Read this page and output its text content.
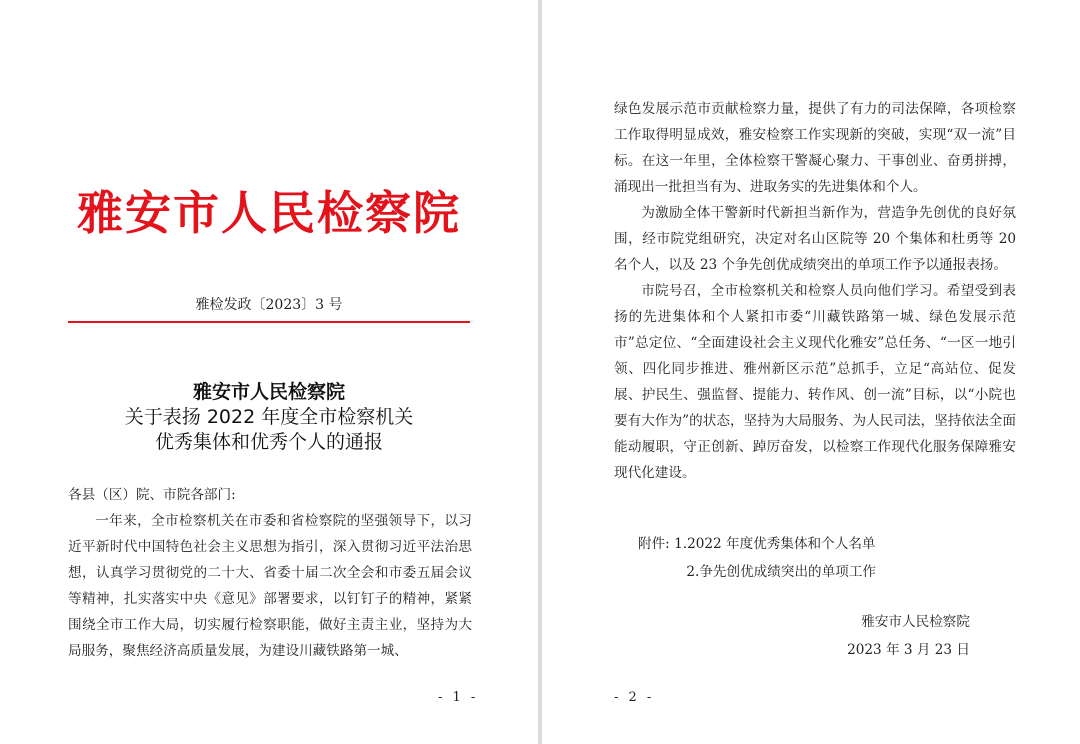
雅安市人民检察院
雅检发政〔2023〕3 号
雅安市人民检察院
关于表扬 2022 年度全市检察机关
优秀集体和优秀个人的通报

各县（区）院、市院各部门:

一年来，全市检察机关在市委和省检察院的坚强领导下，以习近平新时代中国特色社会主义思想为指引，深入贯彻习近平法治思想，认真学习贯彻党的二十大、省委十届二次全会和市委五届会议等精神，扎实落实中央《意见》部署要求，以钉钉子的精神，紧紧围绕全市工作大局，切实履行检察职能，做好主责主业，坚持为大局服务，聚焦经济高质量发展，为建设川藏铁路第一城、

- 1 -

绿色发展示范市贡献检察力量，提供了有力的司法保障，各项检察工作取得明显成效，雅安检察工作实现新的突破，实现“双一流”目标。在这一年里，全体检察干警凝心聚力、干事创业、奋勇拼搏，涌现出一批担当有为、进取务实的先进集体和个人。

为激励全体干警新时代新担当新作为，营造争先创优的良好氛围，经市院党组研究，决定对名山区院等 20 个集体和杜勇等 20 名个人，以及 23 个争先创优成绩突出的单项工作予以通报表扬。

市院号召，全市检察机关和检察人员向他们学习。希望受到表扬的先进集体和个人紧扣市委“川藏铁路第一城、绿色发展示范市”总定位、“全面建设社会主义现代化雅安”总任务、“一区一地引领、四化同步推进、雅州新区示范”总抓手，立足“高站位、促发展、护民生、强监督、提能力、转作风、创一流”目标，以“小院也要有大作为”的状态，坚持为大局服务、为人民司法，坚持依法全面能动履职，守正创新、踔厉奋发，以检察工作现代化服务保障雅安现代化建设。

附件: 1.2022 年度优秀集体和个人名单
2.争先创优成绩突出的单项工作
雅安市人民检察院
2023 年 3 月 23 日
- 2 -
